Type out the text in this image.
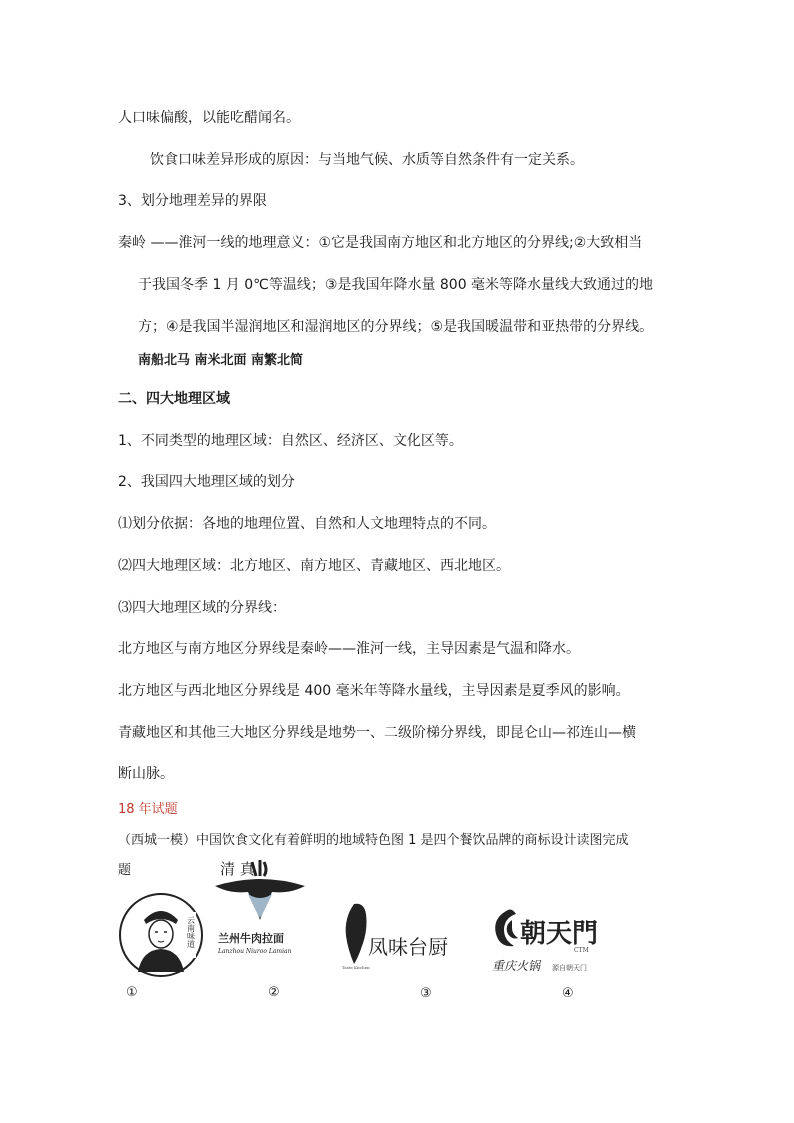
人口味偏酸，以能吃醋闻名。
饮食口味差异形成的原因：与当地气候、水质等自然条件有一定关系。
3、划分地理差异的界限
秦岭 ——淮河一线的地理意义：①它是我国南方地区和北方地区的分界线;②大致相当
于我国冬季 1 月 0℃等温线；③是我国年降水量 800 毫米等降水量线大致通过的地
方；④是我国半湿润地区和湿润地区的分界线；⑤是我国暖温带和亚热带的分界线。
南船北马 南米北面 南繁北简
二、四大地理区域
1、不同类型的地理区域：自然区、经济区、文化区等。
2、我国四大地理区域的划分
⑴划分依据：各地的地理位置、自然和人文地理特点的不同。
⑵四大地理区域：北方地区、南方地区、青藏地区、西北地区。
⑶四大地理区域的分界线：
北方地区与南方地区分界线是秦岭——淮河一线，主导因素是气温和降水。
北方地区与西北地区分界线是 400 毫米年等降水量线，主导因素是夏季风的影响。
青藏地区和其他三大地区分界线是地势一、二级阶梯分界线，即昆仑山—祁连山—横
断山脉。
18 年试题
（西城一模）中国饮食文化有着鲜明的地域特色图 1 是四个餐饮品牌的商标设计读图完成
题
云南味道
①
清 真
兰州牛肉拉面
Lanzhou Niuroo Lamian
②
凤味台厨
Taste Kitchen
③
朝天門
CTM
重庆火锅 源自朝天门
④
